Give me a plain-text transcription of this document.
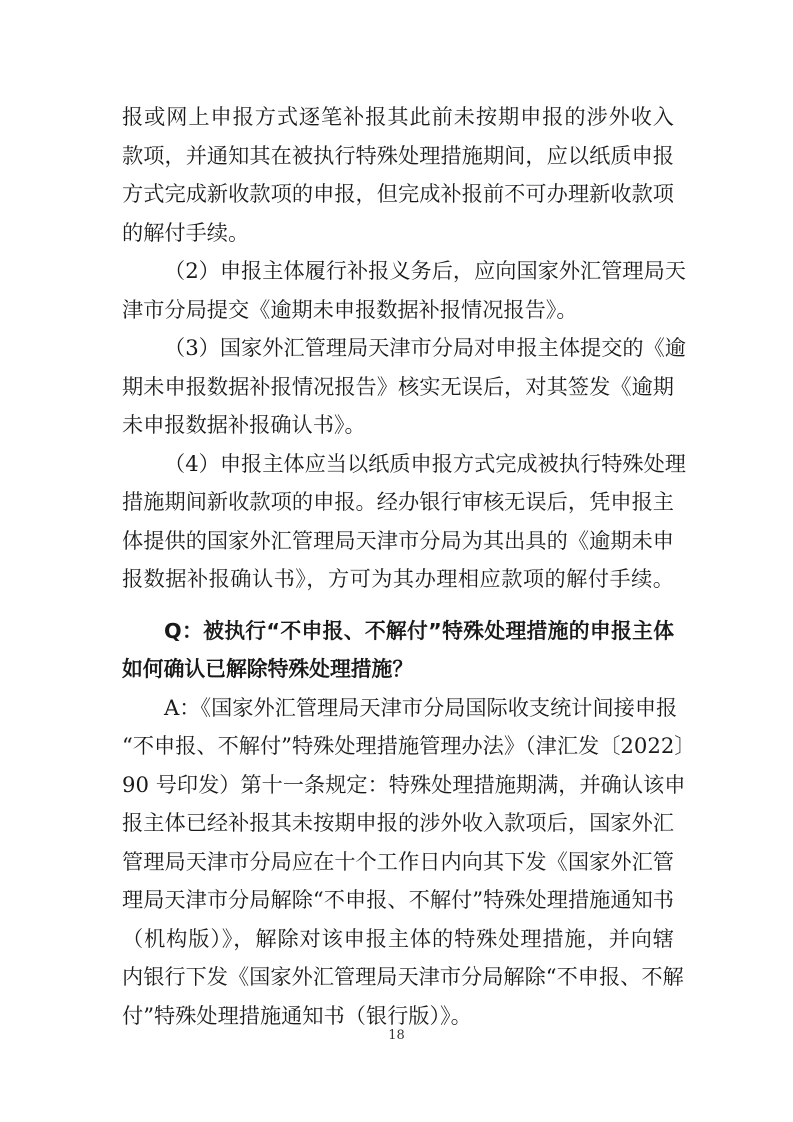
报或网上申报方式逐笔补报其此前未按期申报的涉外收入
款项，并通知其在被执行特殊处理措施期间，应以纸质申报
方式完成新收款项的申报，但完成补报前不可办理新收款项
的解付手续。
（2）申报主体履行补报义务后，应向国家外汇管理局天
津市分局提交《逾期未申报数据补报情况报告》。
（3）国家外汇管理局天津市分局对申报主体提交的《逾
期未申报数据补报情况报告》核实无误后，对其签发《逾期
未申报数据补报确认书》。
（4）申报主体应当以纸质申报方式完成被执行特殊处理
措施期间新收款项的申报。经办银行审核无误后，凭申报主
体提供的国家外汇管理局天津市分局为其出具的《逾期未申
报数据补报确认书》，方可为其办理相应款项的解付手续。
Q：被执行“不申报、不解付”特殊处理措施的申报主体
如何确认已解除特殊处理措施？
A：《国家外汇管理局天津市分局国际收支统计间接申报
“不申报、不解付”特殊处理措施管理办法》（津汇发〔2022〕
90 号印发）第十一条规定：特殊处理措施期满，并确认该申
报主体已经补报其未按期申报的涉外收入款项后，国家外汇
管理局天津市分局应在十个工作日内向其下发《国家外汇管
理局天津市分局解除“不申报、不解付”特殊处理措施通知书
（机构版）》，解除对该申报主体的特殊处理措施，并向辖
内银行下发《国家外汇管理局天津市分局解除“不申报、不解
付”特殊处理措施通知书（银行版）》。
18
